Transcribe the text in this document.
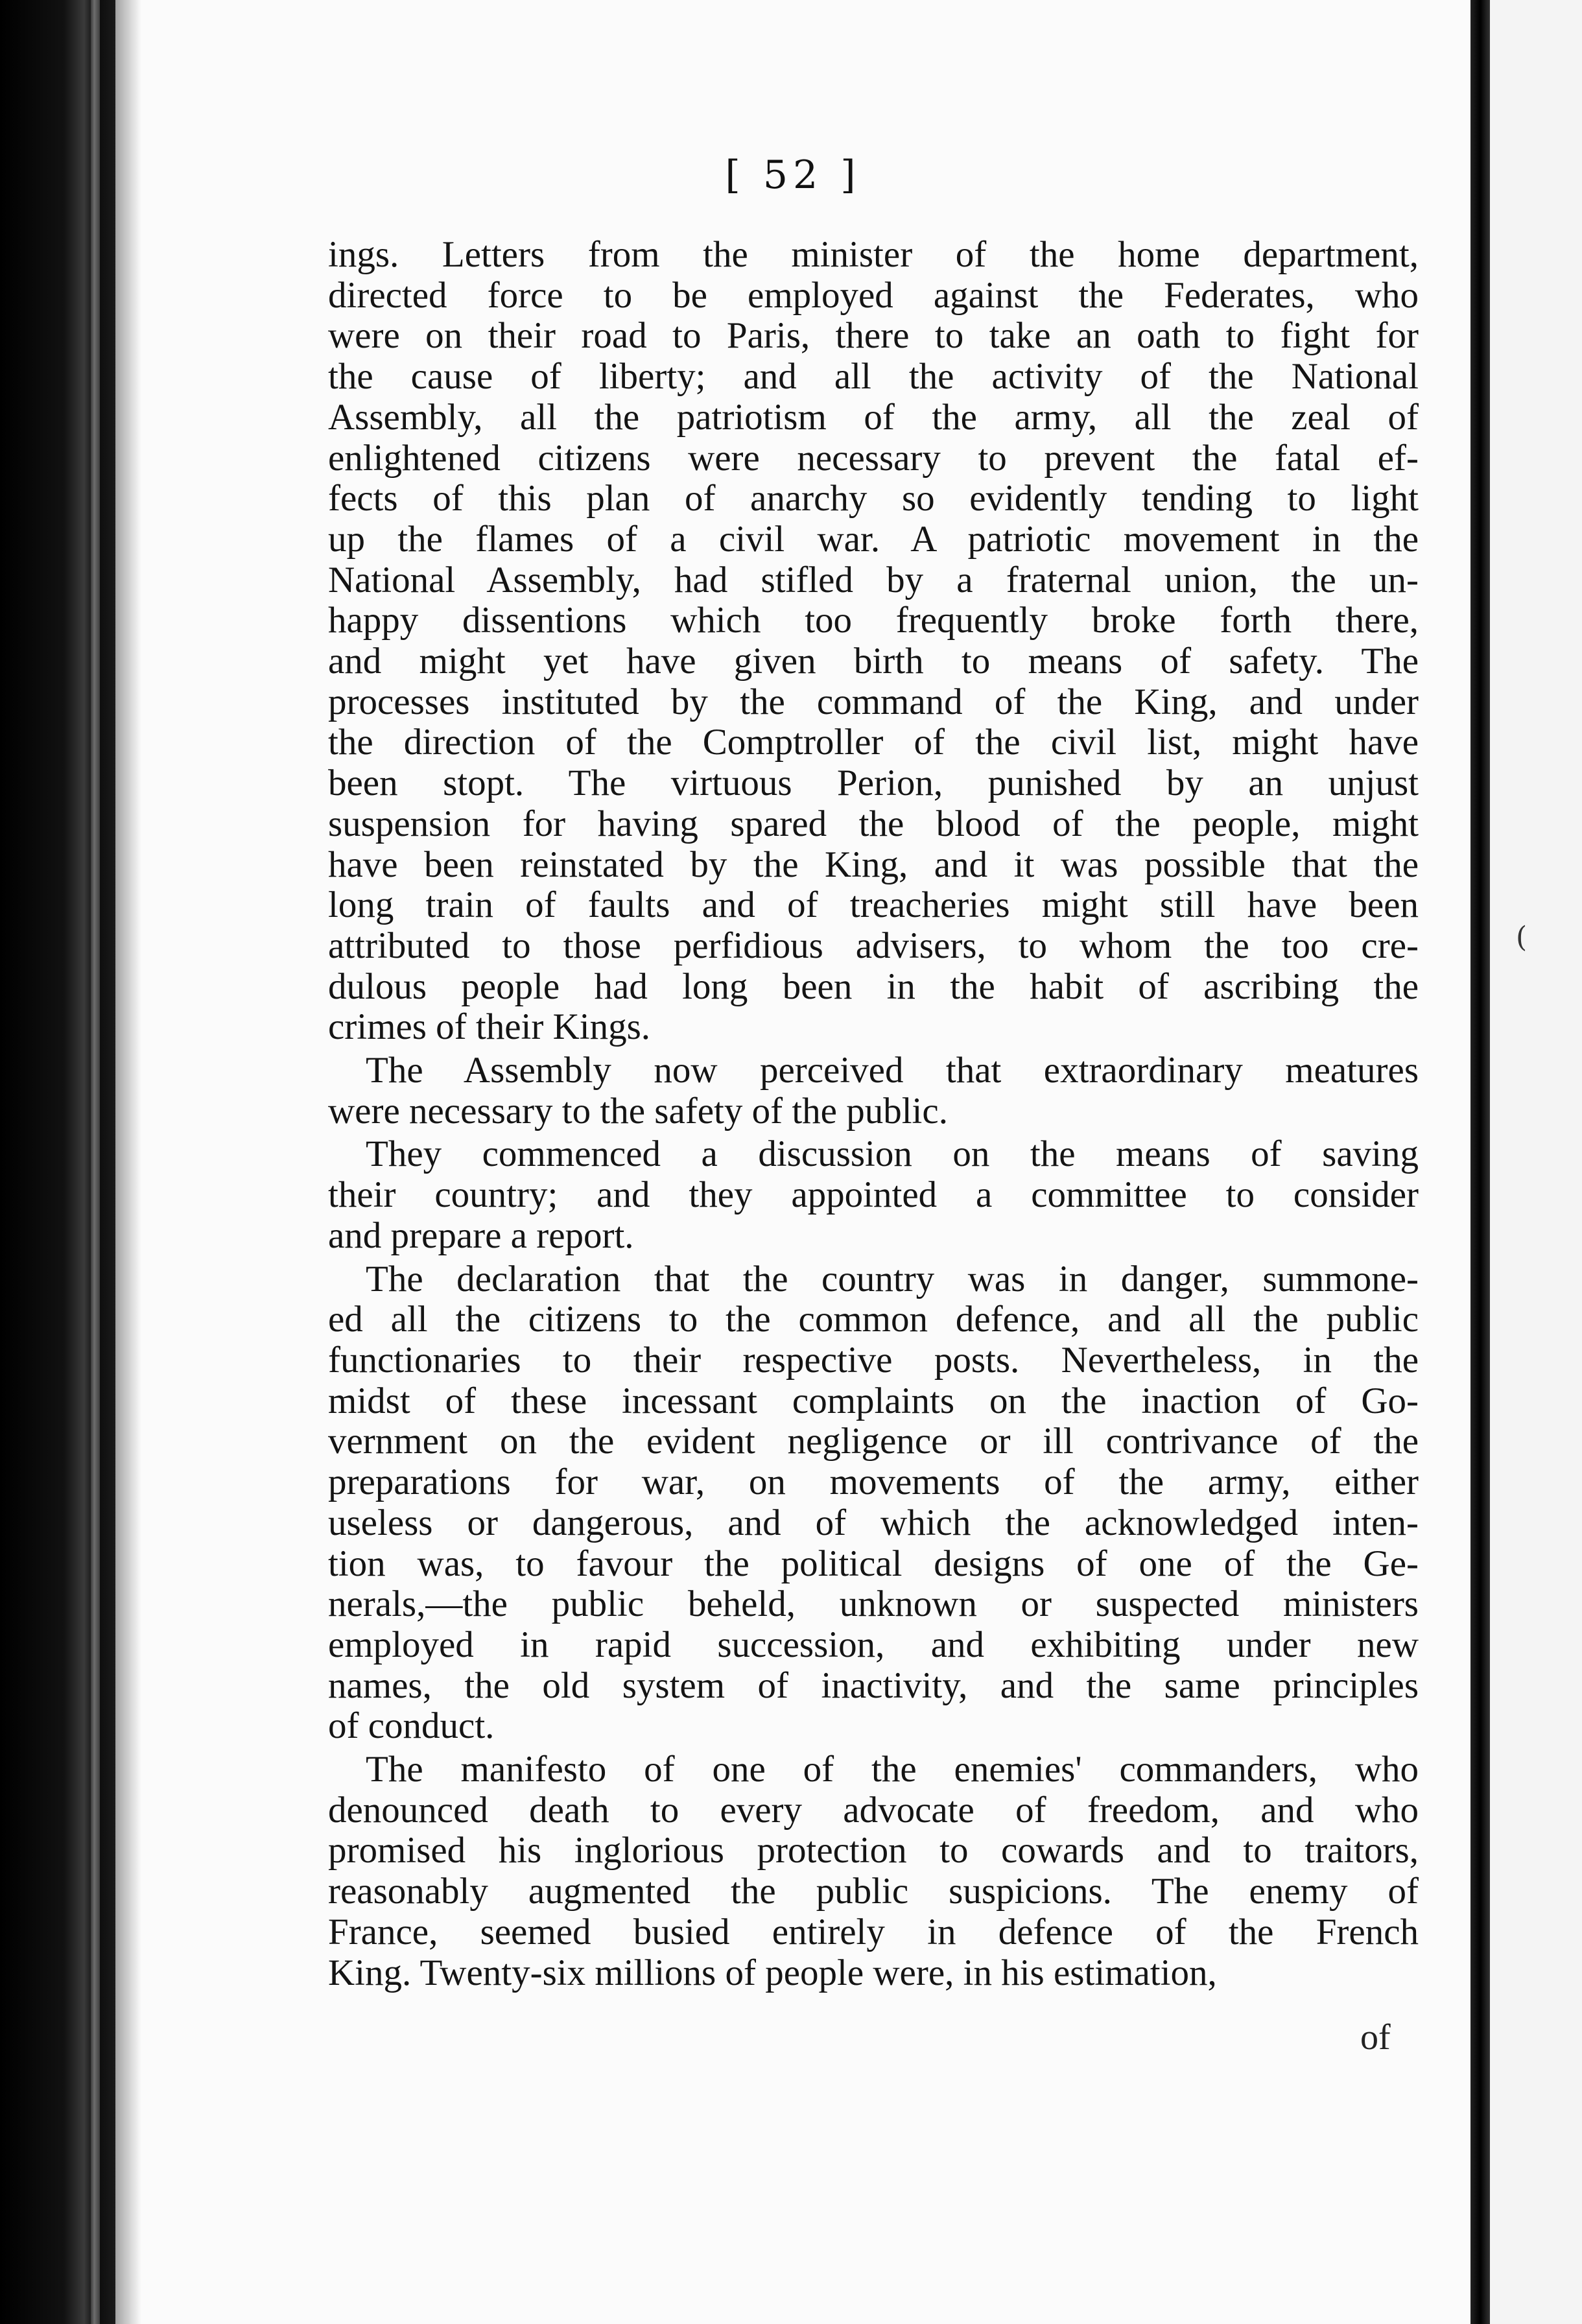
[ 52 ]
ings. Letters from the minister of the home department,
directed force to be employed against the Federates, who
were on their road to Paris, there to take an oath to fight for
the cause of liberty; and all the activity of the National
Assembly, all the patriotism of the army, all the zeal of
enlightened citizens were necessary to prevent the fatal ef-
fects of this plan of anarchy so evidently tending to light
up the flames of a civil war. A patriotic movement in the
National Assembly, had stifled by a fraternal union, the un-
happy dissentions which too frequently broke forth there,
and might yet have given birth to means of safety. The
processes instituted by the command of the King, and under
the direction of the Comptroller of the civil list, might have
been stopt. The virtuous Perion, punished by an unjust
suspension for having spared the blood of the people, might
have been reinstated by the King, and it was possible that the
long train of faults and of treacheries might still have been
attributed to those perfidious advisers, to whom the too cre-
dulous people had long been in the habit of ascribing the
crimes of their Kings.
The Assembly now perceived that extraordinary meatures
were necessary to the safety of the public.
They commenced a discussion on the means of saving
their country; and they appointed a committee to consider
and prepare a report.
The declaration that the country was in danger, summone-
ed all the citizens to the common defence, and all the public
functionaries to their respective posts. Nevertheless, in the
midst of these incessant complaints on the inaction of Go-
vernment on the evident negligence or ill contrivance of the
preparations for war, on movements of the army, either
useless or dangerous, and of which the acknowledged inten-
tion was, to favour the political designs of one of the Ge-
nerals,—the public beheld, unknown or suspected ministers
employed in rapid succession, and exhibiting under new
names, the old system of inactivity, and the same principles
of conduct.
The manifesto of one of the enemies' commanders, who
denounced death to every advocate of freedom, and who
promised his inglorious protection to cowards and to traitors,
reasonably augmented the public suspicions. The enemy of
France, seemed busied entirely in defence of the French
King. Twenty-six millions of people were, in his estimation,
of
(
